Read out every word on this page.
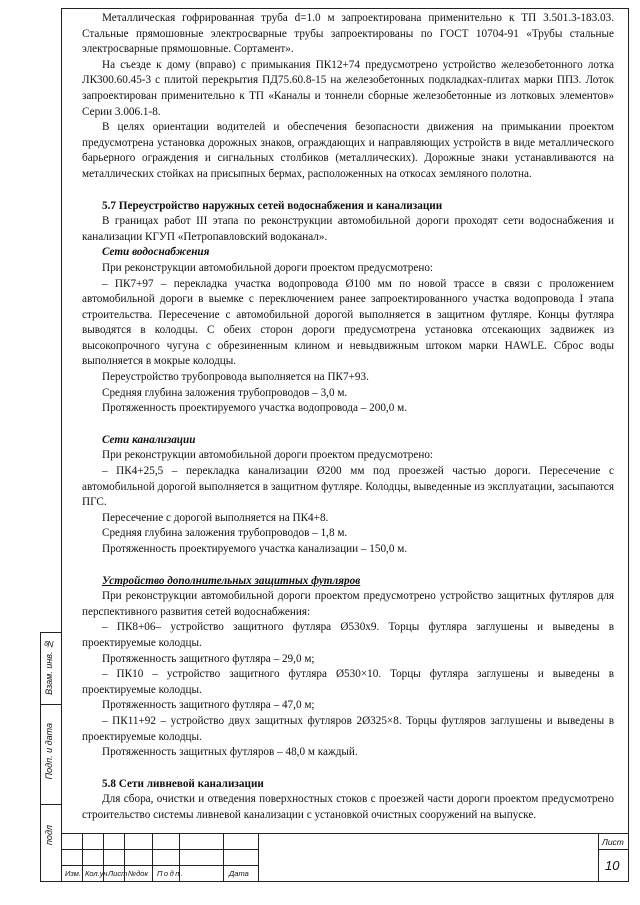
Металлическая гофрированная труба d=1.0 м запроектирована применительно к ТП 3.501.3-183.03. Стальные прямошовные электросварные трубы запроектированы по ГОСТ 10704-91 «Трубы стальные электросварные прямошовные. Сортамент».

На съезде к дому (вправо) с примыкания ПК12+74 предусмотрено устройство железобетонного лотка ЛК300.60.45-3 с плитой перекрытия ПД75.60.8-15 на железобетонных подкладках-плитах марки ПП3. Лоток запроектирован применительно к ТП «Каналы и тоннели сборные железобетонные из лотковых элементов» Серии 3.006.1-8.

В целях ориентации водителей и обеспечения безопасности движения на примыкании проектом предусмотрена установка дорожных знаков, ограждающих и направляющих устройств в виде металлического барьерного ограждения и сигнальных столбиков (металлических). Дорожные знаки устанавливаются на металлических стойках на присыпных бермах, расположенных на откосах земляного полотна.

5.7 Переустройство наружных сетей водоснабжения и канализации

В границах работ III этапа по реконструкции автомобильной дороги проходят сети водоснабжения и канализации КГУП «Петропавловский водоканал».

Сети водоснабжения

При реконструкции автомобильной дороги проектом предусмотрено:

– ПК7+97 – перекладка участка водопровода Ø100 мм по новой трассе в связи с проложением автомобильной дороги в выемке с переключением ранее запроектированного участка водопровода I этапа строительства. Пересечение с автомобильной дорогой выполняется в защитном футляре. Концы футляра выводятся в колодцы. С обеих сторон дороги предусмотрена установка отсекающих задвижек из высокопрочного чугуна с обрезиненным клином и невыдвижным штоком марки HAWLE. Сброс воды выполняется в мокрые колодцы.

Переустройство трубопровода выполняется на ПК7+93.

Средняя глубина заложения трубопроводов – 3,0 м.

Протяженность проектируемого участка водопровода – 200,0 м.

Сети канализации

При реконструкции автомобильной дороги проектом предусмотрено:

– ПК4+25,5 – перекладка канализации Ø200 мм под проезжей частью дороги. Пересечение с автомобильной дорогой выполняется в защитном футляре. Колодцы, выведенные из эксплуатации, засыпаются ПГС.

Пересечение с дорогой выполняется на ПК4+8.

Средняя глубина заложения трубопроводов – 1,8 м.

Протяженность проектируемого участка канализации – 150,0 м.

Устройство дополнительных защитных футляров

При реконструкции автомобильной дороги проектом предусмотрено устройство защитных футляров для перспективного развития сетей водоснабжения:

– ПК8+06– устройство защитного футляра Ø530х9. Торцы футляра заглушены и выведены в проектируемые колодцы.

Протяженность защитного футляра – 29,0 м;

– ПК10 – устройство защитного футляра Ø530×10. Торцы футляра заглушены и выведены в проектируемые колодцы.

Протяженность защитного футляра – 47,0 м;

– ПК11+92 – устройство двух защитных футляров 2Ø325×8. Торцы футляров заглушены и выведены в проектируемые колодцы.

Протяженность защитных футляров – 48,0 м каждый.

5.8 Сети ливневой канализации

Для сбора, очистки и отведения поверхностных стоков с проезжей части дороги проектом предусмотрено строительство системы ливневой канализации с установкой очистных сооружений на выпуске.

Взам. инв. №
Подп. и дата
подл
Изм. Кол.уч Лист №док Подп.	Дата
Лист
10
